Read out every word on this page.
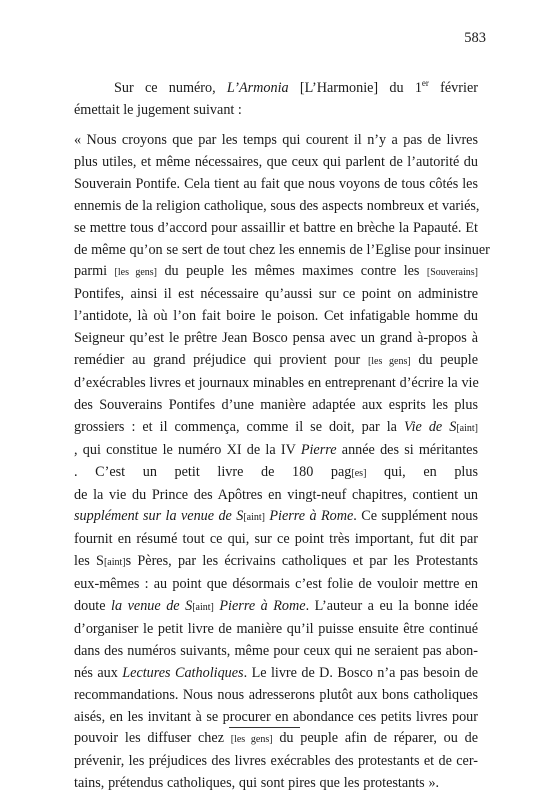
583
Sur ce numéro, L’Armonia [L’Harmonie] du 1er février
émettait le jugement suivant :
« Nous croyons que par les temps qui courent il n’y a pas de livres
plus utiles, et même nécessaires, que ceux qui parlent de l’autorité du
Souverain Pontife. Cela tient au fait que nous voyons de tous côtés les
ennemis de la religion catholique, sous des aspects nombreux et variés,
se mettre tous d’accord pour assaillir et battre en brèche la Papauté. Et
de même qu’on se sert de tout chez les ennemis de l’Eglise pour insinuer
parmi [les gens] du peuple les mêmes maximes contre les [Souverains]
Pontifes, ainsi il est nécessaire qu’aussi sur ce point on administre
l’antidote, là où l’on fait boire le poison. Cet infatigable homme du
Seigneur qu’est le prêtre Jean Bosco pensa avec un grand à-propos à
remédier au grand préjudice qui provient pour [les gens] du peuple
d’exécrables livres et journaux minables en entreprenant d’écrire la vie
des Souverains Pontifes d’une manière adaptée aux esprits les plus
grossiers : et il commença, comme il se doit, par la Vie de S[aint]
, qui constitue le numéro XI de la IV Pierre année des si méritantes
. C’est un petit livre de 180 pag[es] qui, en plus
de la vie du Prince des Apôtres en vingt-neuf chapitres, contient un
supplément sur la venue de S[aint] Pierre à Rome. Ce supplément nous
fournit en résumé tout ce qui, sur ce point très important, fut dit par
les S[aint]s Pères, par les écrivains catholiques et par les Protestants
eux-mêmes : au point que désormais c’est folie de vouloir mettre en
doute la venue de S[aint] Pierre à Rome. L’auteur a eu la bonne idée
d’organiser le petit livre de manière qu’il puisse ensuite être continué
dans des numéros suivants, même pour ceux qui ne seraient pas abon-
nés aux Lectures Catholiques. Le livre de D. Bosco n’a pas besoin de
recommandations. Nous nous adresserons plutôt aux bons catholiques
aisés, en les invitant à se procurer en abondance ces petits livres pour
pouvoir les diffuser chez [les gens] du peuple afin de réparer, ou de
prévenir, les préjudices des livres exécrables des protestants et de cer-
tains, prétendus catholiques, qui sont pires que les protestants ».
